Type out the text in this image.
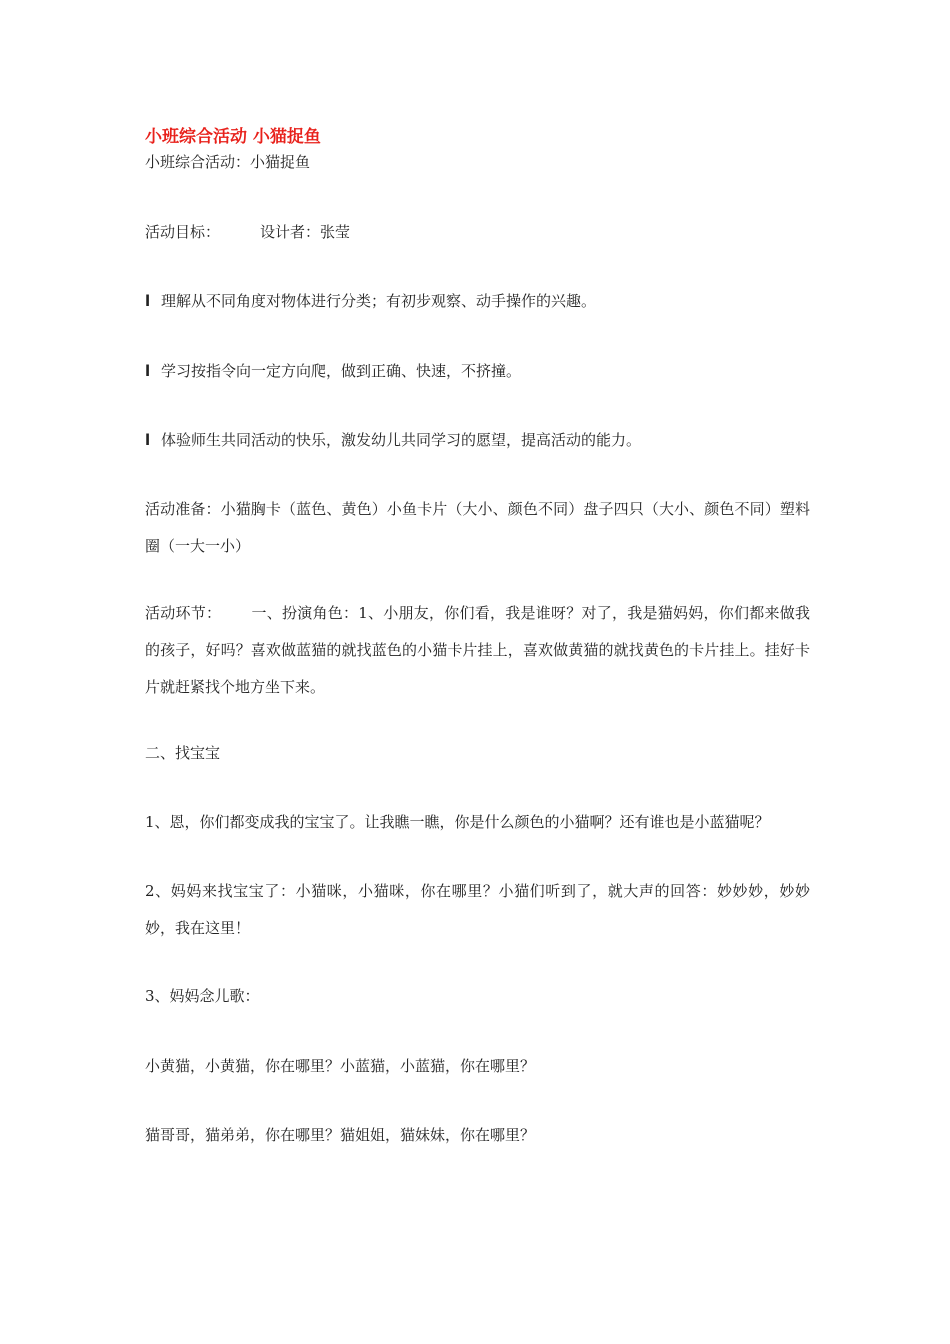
小班综合活动 小猫捉鱼
小班综合活动：小猫捉鱼
活动目标：	设计者：张莹
l 理解从不同角度对物体进行分类；有初步观察、动手操作的兴趣。
l 学习按指令向一定方向爬，做到正确、快速，不挤撞。
l 体验师生共同活动的快乐，激发幼儿共同学习的愿望，提高活动的能力。
活动准备：小猫胸卡（蓝色、黄色）小鱼卡片（大小、颜色不同）盘子四只（大小、颜色不同）塑料圈（一大一小）
活动环节： 一、扮演角色：1、小朋友，你们看，我是谁呀？对了，我是猫妈妈，你们都来做我的孩子，好吗？喜欢做蓝猫的就找蓝色的小猫卡片挂上，喜欢做黄猫的就找黄色的卡片挂上。挂好卡片就赶紧找个地方坐下来。
二、找宝宝
1、恩，你们都变成我的宝宝了。让我瞧一瞧，你是什么颜色的小猫啊？还有谁也是小蓝猫呢？
2、妈妈来找宝宝了：小猫咪，小猫咪，你在哪里？小猫们听到了，就大声的回答：妙妙妙，妙妙妙，我在这里！
3、妈妈念儿歌：
小黄猫，小黄猫，你在哪里？小蓝猫，小蓝猫，你在哪里？
猫哥哥，猫弟弟，你在哪里？猫姐姐，猫妹妹，你在哪里？
